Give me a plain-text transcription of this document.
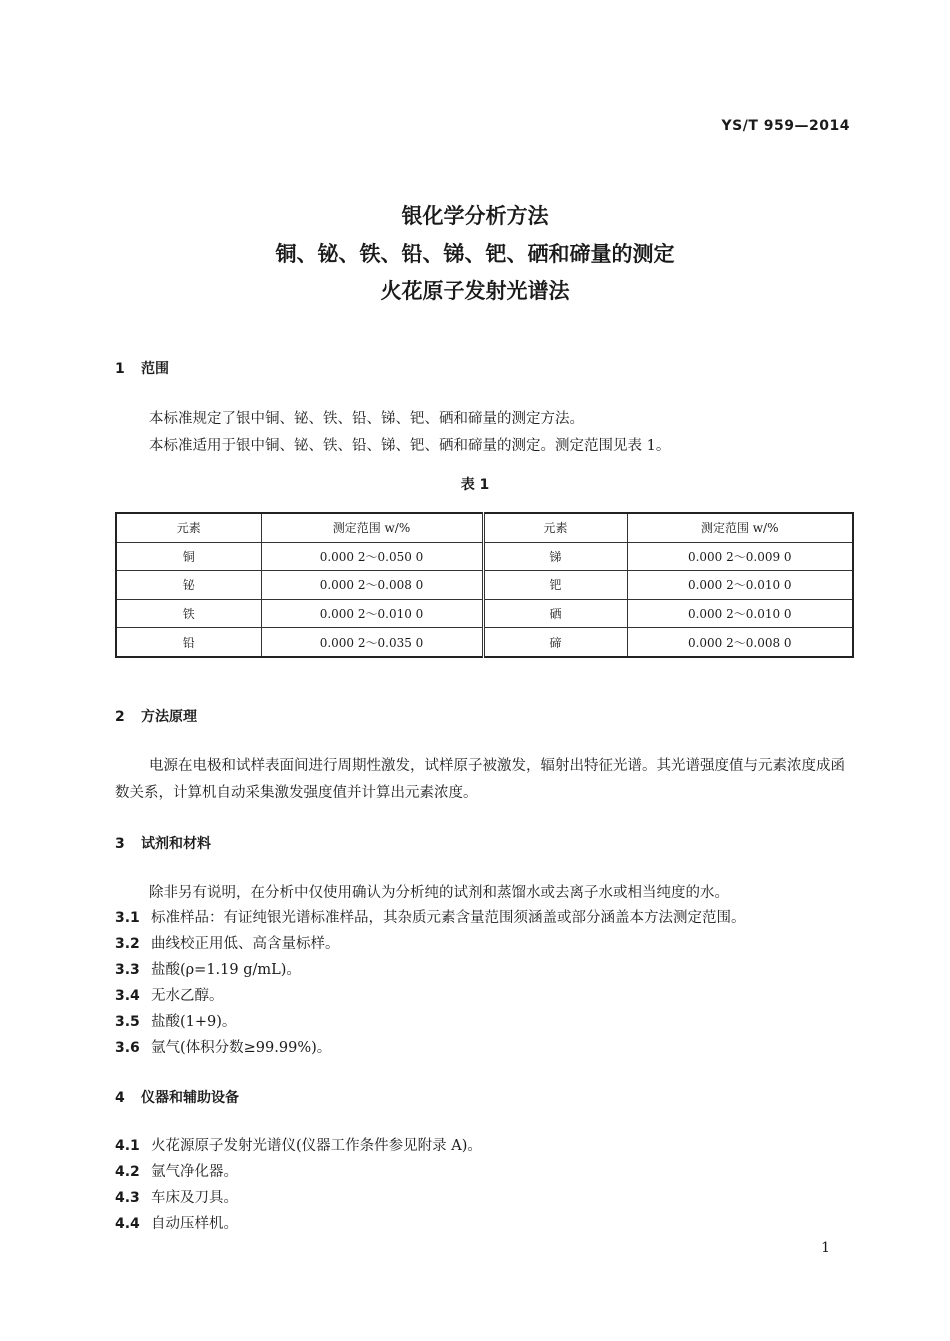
YS/T 959—2014
银化学分析方法
铜、铋、铁、铅、锑、钯、硒和碲量的测定
火花原子发射光谱法
1 范围
本标准规定了银中铜、铋、铁、铅、锑、钯、硒和碲量的测定方法。
本标准适用于银中铜、铋、铁、铅、锑、钯、硒和碲量的测定。测定范围见表 1。
表 1
元素	测定范围 w/%	元素	测定范围 w/%
铜	0.000 2～0.050 0	锑	0.000 2～0.009 0
铋	0.000 2～0.008 0	钯	0.000 2～0.010 0
铁	0.000 2～0.010 0	硒	0.000 2～0.010 0
铅	0.000 2～0.035 0	碲	0.000 2～0.008 0
2 方法原理
电源在电极和试样表面间进行周期性激发，试样原子被激发，辐射出特征光谱。其光谱强度值与元素浓度成函数关系，计算机自动采集激发强度值并计算出元素浓度。
3 试剂和材料
除非另有说明，在分析中仅使用确认为分析纯的试剂和蒸馏水或去离子水或相当纯度的水。
3.1 标准样品：有证纯银光谱标准样品，其杂质元素含量范围须涵盖或部分涵盖本方法测定范围。
3.2 曲线校正用低、高含量标样。
3.3 盐酸(ρ=1.19 g/mL)。
3.4 无水乙醇。
3.5 盐酸(1+9)。
3.6 氩气(体积分数≥99.99%)。
4 仪器和辅助设备
4.1 火花源原子发射光谱仪(仪器工作条件参见附录 A)。
4.2 氩气净化器。
4.3 车床及刀具。
4.4 自动压样机。
1
